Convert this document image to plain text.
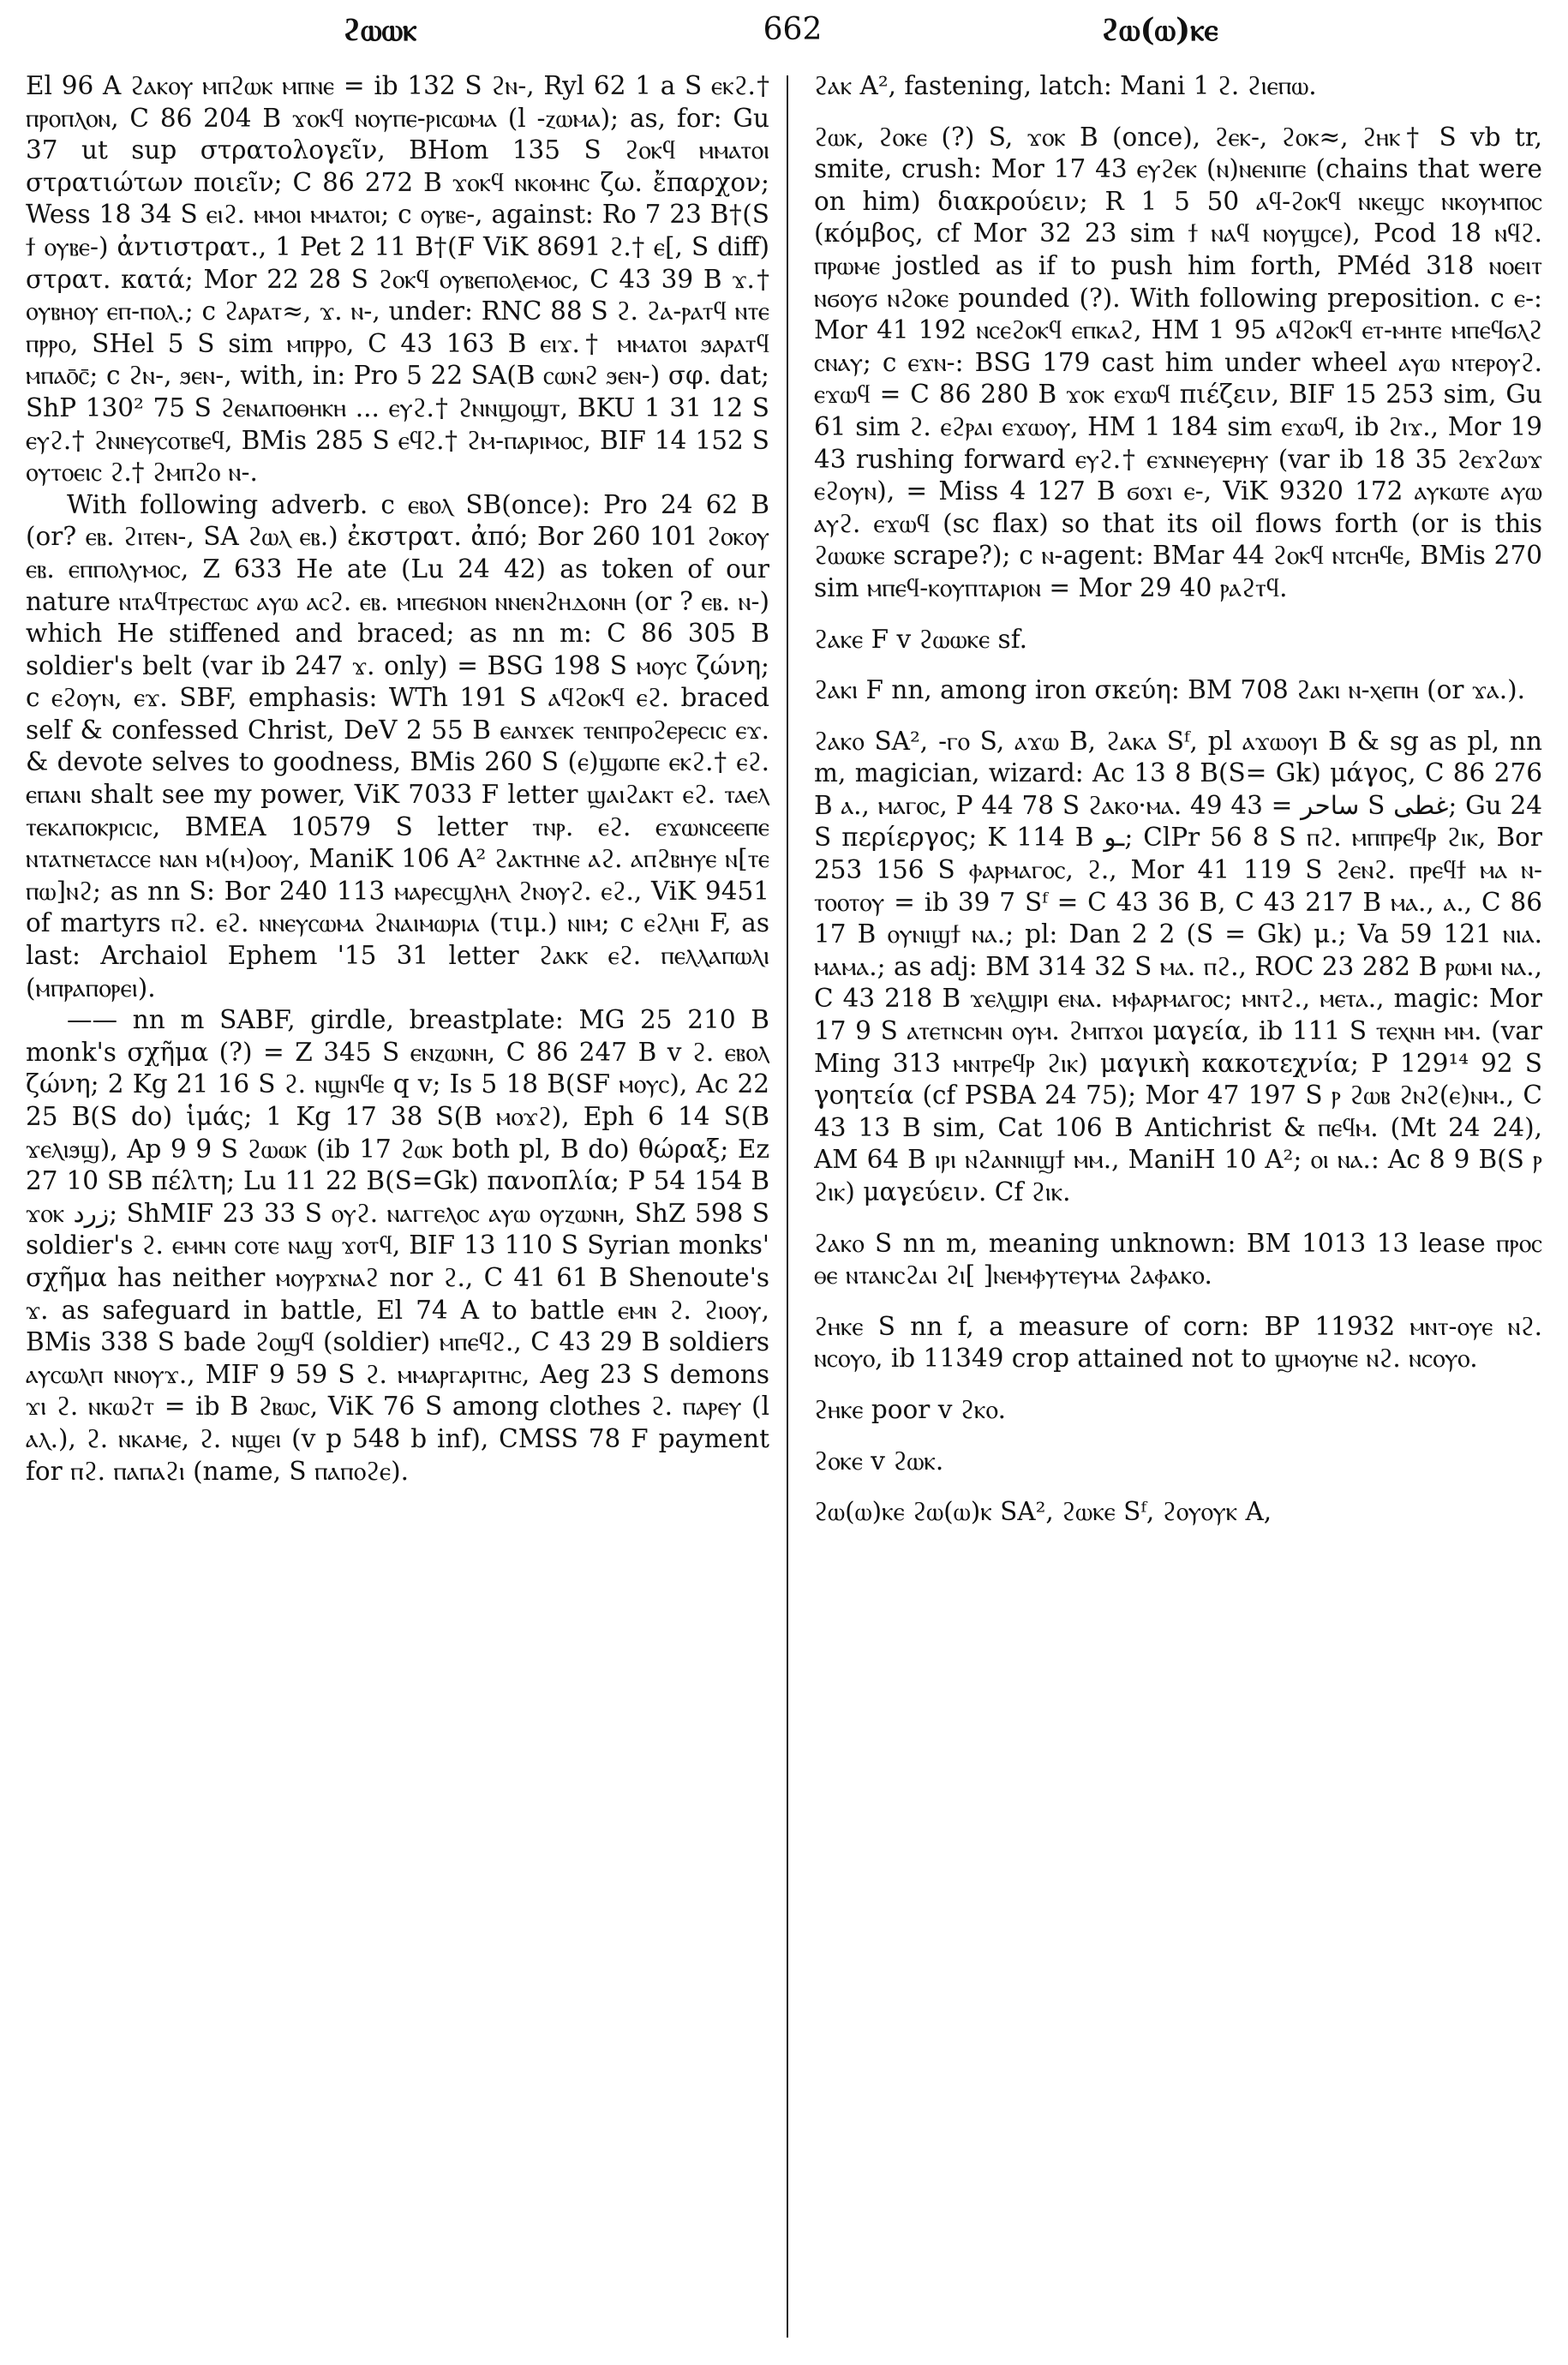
ϩⲱⲱⲕ	662	ϩⲱ(ⲱ)ⲕⲉ

El 96 A ϩⲁⲕⲟⲩ ⲙⲡϩⲱⲕ ⲙⲡⲛⲉ = ib 132 S ϩⲛ-, Ryl 62 1 a S ⲉⲕϩ.† ⲡⲣⲟⲡⲗⲟⲛ, C 86 204 B ϫⲟⲕϥ ⲛⲟⲩⲡⲉ-ⲣⲓⲥⲱⲙⲁ (l -ⲍⲱⲙⲁ); as, for: Gu 37 ut sup στρατολογεῖν, BHom 135 S ϩⲟⲕϥ ⲙⲙⲁⲧⲟⲓ στρατιώτων ποιεῖν; C 86 272 B ϫⲟⲕϥ ⲛⲕⲟⲙⲏⲥ ζω. ἔπαρχον; Wess 18 34 S ⲉⲓϩ. ⲙⲙⲟⲓ ⲙⲙⲁⲧⲟⲓ; c ⲟⲩⲃⲉ-, against: Ro 7 23 B†(S ϯ ⲟⲩⲃⲉ-) ἀντιστρατ., 1 Pet 2 11 B†(F ViK 8691 ϩ.† ⲉ[, S diff) στρατ. κατά; Mor 22 28 S ϩⲟⲕϥ ⲟⲩⲃⲉⲡⲟⲗⲉⲙⲟⲥ, C 43 39 B ϫ.† ⲟⲩⲃⲏⲟⲩ ⲉⲡ-ⲡⲟⲗ.; c ϩⲁⲣⲁⲧ≈, ϫ. ⲛ-, under: RNC 88 S ϩ. ϩⲁ-ⲣⲁⲧϥ ⲛⲧⲉ ⲡⲣⲣⲟ, SHel 5 S sim ⲙⲡⲣⲣⲟ, C 43 163 B ⲉⲓϫ.† ⲙⲙⲁⲧⲟⲓ ϧⲁⲣⲁⲧϥ ⲙⲡⲁⲟ̄ⲥ̄; c ϩⲛ-, ϧⲉⲛ-, with, in: Pro 5 22 SA(B ⲥⲱⲛϩ ϧⲉⲛ-) σφ. dat; ShP 130² 75 S ϩⲉⲛⲁⲡⲟⲑⲏⲕⲏ ... ⲉⲩϩ.† ϩⲛⲛϣⲟϣⲧ, BKU 1 31 12 S ⲉⲩϩ.† ϩⲛⲛⲉⲩⲥⲟⲧⲃⲉϥ, BMis 285 S ⲉϥϩ.† ϩⲙ-ⲡⲁⲣⲓⲙⲟⲥ, BIF 14 152 S ⲟⲩⲧⲟⲉⲓⲥ ϩ.† ϩⲙⲡϩⲟ ⲛ-.

With following adverb. c ⲉⲃⲟⲗ SB(once): Pro 24 62 B (or? ⲉⲃ. ϩⲓⲧⲉⲛ-, SA ϩⲱⲗ ⲉⲃ.) ἐκστρατ. ἀπό; Bor 260 101 ϩⲟⲕⲟⲩ ⲉⲃ. ⲉⲡⲡⲟⲗⲩⲙⲟⲥ, Z 633 He ate (Lu 24 42) as token of our nature ⲛⲧⲁϥⲧⲣⲉⲥⲧⲱⲥ ⲁⲩⲱ ⲁⲥϩ. ⲉⲃ. ⲙⲡⲉϭⲛⲟⲛ ⲛⲛⲉⲛϩⲏⲇⲟⲛⲏ (or ? ⲉⲃ. ⲛ-) which He stiffened and braced; as nn m: C 86 305 B soldier's belt (var ib 247 ϫ. only) = BSG 198 S ⲙⲟⲩⲥ ζώνη; c ⲉϩⲟⲩⲛ, ⲉϫ. SBF, emphasis: WTh 191 S ⲁϥϩⲟⲕϥ ⲉϩ. braced self & confessed Christ, DeV 2 55 B ⲉⲁⲛϫⲉⲕ ⲧⲉⲛⲡⲣⲟϩⲉⲣⲉⲥⲓⲥ ⲉϫ. & devote selves to goodness, BMis 260 S (ⲉ)ϣⲱⲡⲉ ⲉⲕϩ.† ⲉϩ. ⲉⲡⲁⲛⲓ shalt see my power, ViK 7033 F letter ϣⲁⲓϩⲁⲕⲧ ⲉϩ. ⲧⲁⲉⲗ ⲧⲉⲕⲁⲡⲟⲕⲣⲓⲥⲓⲥ, BMEA 10579 S letter ⲧⲛⲣ. ⲉϩ. ⲉϫⲱⲛⲥⲉⲉⲡⲉ ⲛⲧⲁⲧⲛⲉⲧⲁⲥⲥⲉ ⲛⲁⲛ ⲙ(ⲙ)ⲟⲟⲩ, ManiK 106 A² ϩⲁⲕⲧⲏⲛⲉ ⲁϩ. ⲁⲡϩⲃⲏⲩⲉ ⲛ[ⲧⲉ ⲡⲱ]ⲛϩ; as nn S: Bor 240 113 ⲙⲁⲣⲉⲥϣⲗⲏⲗ ϩⲛⲟⲩϩ. ⲉϩ., ViK 9451 of martyrs ⲡϩ. ⲉϩ. ⲛⲛⲉⲩⲥⲱⲙⲁ ϩⲛⲁⲓⲙⲱⲣⲓⲁ (τιμ.) ⲛⲓⲙ; c ⲉϩⲗⲏⲓ F, as last: Archaiol Ephem '15 31 letter ϩⲁⲕⲕ ⲉϩ. ⲡⲉⲗⲗⲁⲡⲱⲗⲓ (ⲙⲡⲣⲁⲡⲟⲣⲉⲓ).

—— nn m SABF, girdle, breastplate: MG 25 210 B monk's σχῆμα (?) = Z 345 S ⲉⲛⲍⲱⲛⲏ, C 86 247 B v ϩ. ⲉⲃⲟⲗ ζώνη; 2 Kg 21 16 S ϩ. ⲛϣⲛϥⲉ q v; Is 5 18 B(SF ⲙⲟⲩⲥ), Ac 22 25 B(S do) ἱμάς; 1 Kg 17 38 S(B ⲙⲟϫϩ), Eph 6 14 S(B ϫⲉⲗⲓϧϣ), Ap 9 9 S ϩⲱⲱⲕ (ib 17 ϩⲱⲕ both pl, B do) θώραξ; Ez 27 10 SB πέλτη; Lu 11 22 B(S=Gk) πανοπλία; P 54 154 B ϫⲟⲕ زرد; ShMIF 23 33 S ⲟⲩϩ. ⲛⲁⲅⲅⲉⲗⲟⲥ ⲁⲩⲱ ⲟⲩⲍⲱⲛⲏ, ShZ 598 S soldier's ϩ. ⲉⲙⲙⲛ ⲥⲟⲧⲉ ⲛⲁϣ ϫⲟⲧϥ, BIF 13 110 S Syrian monks' σχῆμα has neither ⲙⲟⲩⲣϫⲛⲁϩ nor ϩ., C 41 61 B Shenoute's ϫ. as safeguard in battle, El 74 A to battle ⲉⲙⲛ ϩ. ϩⲓⲟⲟⲩ, BMis 338 S bade ϩⲟϣϥ (soldier) ⲙⲡⲉϥϩ., C 43 29 B soldiers ⲁⲩⲥⲱⲗⲡ ⲛⲛⲟⲩϫ., MIF 9 59 S ϩ. ⲙⲙⲁⲣⲅⲁⲣⲓⲧⲏⲥ, Aeg 23 S demons ϫⲓ ϩ. ⲛⲕⲱϩⲧ = ib B ϩⲃⲱⲥ, ViK 76 S among clothes ϩ. ⲡⲁⲣⲉⲩ (l ⲁⲗ.), ϩ. ⲛⲕⲁⲙⲉ, ϩ. ⲛϣⲉⲓ (v p 548 b inf), CMSS 78 F payment for ⲡϩ. ⲡⲁⲡⲁϩⲓ (name, S ⲡⲁⲡⲟϩⲉ).

ϩⲁⲕ A², fastening, latch: Mani 1 ϩ. ϩⲓⲉⲡⲱ.

ϩⲱⲕ, ϩⲟⲕⲉ (?) S, ϫⲟⲕ B (once), ϩⲉⲕ-, ϩⲟⲕ≈, ϩⲏⲕ† S vb tr, smite, crush: Mor 17 43 ⲉⲩϩⲉⲕ (ⲛ)ⲛⲉⲛⲓⲡⲉ (chains that were on him) διακρούειν; R 1 5 50 ⲁϥ-ϩⲟⲕϥ ⲛⲕⲉϣⲥ ⲛⲕⲟⲩⲙⲡⲟⲥ (κόμβος, cf Mor 32 23 sim ϯ ⲛⲁϥ ⲛⲟⲩϣⲥⲉ), Pcod 18 ⲛϥϩ. ⲡⲣⲱⲙⲉ jostled as if to push him forth, PMéd 318 ⲛⲟⲉⲓⲧ ⲛϭⲟⲩϭ ⲛϩⲟⲕⲉ pounded (?). With following preposition. c ⲉ-: Mor 41 192 ⲛⲥⲉϩⲟⲕϥ ⲉⲡⲕⲁϩ, HM 1 95 ⲁϥϩⲟⲕϥ ⲉⲧ-ⲙⲏⲧⲉ ⲙⲡⲉϥϭⲗϩ ⲥⲛⲁⲩ; c ⲉϫⲛ-: BSG 179 cast him under wheel ⲁⲩⲱ ⲛⲧⲉⲣⲟⲩϩ. ⲉϫⲱϥ = C 86 280 B ϫⲟⲕ ⲉϫⲱϥ πιέζειν, BIF 15 253 sim, Gu 61 sim ϩ. ⲉϩⲣⲁⲓ ⲉϫⲱⲟⲩ, HM 1 184 sim ⲉϫⲱϥ, ib ϩⲓϫ., Mor 19 43 rushing forward ⲉⲩϩ.† ⲉϫⲛⲛⲉⲩⲉⲣⲏⲩ (var ib 18 35 ϩⲉϫϩⲱϫ ⲉϩⲟⲩⲛ), = Miss 4 127 B ϭⲟϫⲓ ⲉ-, ViK 9320 172 ⲁⲩⲕⲱⲧⲉ ⲁⲩⲱ ⲁⲩϩ. ⲉϫⲱϥ (sc flax) so that its oil flows forth (or is this ϩⲱⲱⲕⲉ scrape?); c ⲛ-agent: BMar 44 ϩⲟⲕϥ ⲛⲧⲥⲏϥⲉ, BMis 270 sim ⲙⲡⲉϥ-ⲕⲟⲩⲡⲧⲁⲣⲓⲟⲛ = Mor 29 40 ⲣⲁϩⲧϥ.

ϩⲁⲕⲉ F v ϩⲱⲱⲕⲉ sf.

ϩⲁⲕⲓ F nn, among iron σκεύη: BM 708 ϩⲁⲕⲓ ⲛ-ⲭⲉⲡⲏ (or ϫⲁ.).

ϩⲁⲕⲟ SA², -ⲅⲟ S, ⲁϫⲱ B, ϩⲁⲕⲁ Sᶠ, pl ⲁϫⲱⲟⲩⲓ B & sg as pl, nn m, magician, wizard: Ac 13 8 B(S= Gk) μάγος, C 86 276 B ⲁ., ⲙⲁⲅⲟⲥ, P 44 78 S ϩⲁⲕⲟ·ⲙⲁ. ساحر = 43 49 S غطى; Gu 24 S περίεργος; K 114 B ـو; ClPr 56 8 S ⲡϩ. ⲙⲡⲡⲣⲉϥⲣ ϩⲓⲕ, Bor 253 156 S ⲫⲁⲣⲙⲁⲅⲟⲥ, ϩ., Mor 41 119 S ϩⲉⲛϩ. ⲡⲣⲉϥϯ ⲙⲁ ⲛ-ⲧⲟⲟⲧⲟⲩ = ib 39 7 Sᶠ = C 43 36 B, C 43 217 B ⲙⲁ., ⲁ., C 86 17 B ⲟⲩⲛⲓϣϯ ⲛⲁ.; pl: Dan 2 2 (S = Gk) μ.; Va 59 121 ⲛⲓⲁ. ⲙⲁⲙⲁ.; as adj: BM 314 32 S ⲙⲁ. ⲡϩ., ROC 23 282 B ⲣⲱⲙⲓ ⲛⲁ., C 43 218 B ϫⲉⲗϣⲓⲣⲓ ⲉⲛⲁ. ⲙⲫⲁⲣⲙⲁⲅⲟⲥ; ⲙⲛⲧϩ., ⲙⲉⲧⲁ., magic: Mor 17 9 S ⲁⲧⲉⲧⲛⲥⲙⲛ ⲟⲩⲙ. ϩⲙⲡϫⲟⲓ μαγεία, ib 111 S ⲧⲉⲭⲛⲏ ⲙⲙ. (var Ming 313 ⲙⲛⲧⲣⲉϥⲣ ϩⲓⲕ) μαγικὴ κακοτεχνία; P 129¹⁴ 92 S γοητεία (cf PSBA 24 75); Mor 47 197 S ⲣ ϩⲱⲃ ϩⲛϩ(ⲉ)ⲛⲙ., C 43 13 B sim, Cat 106 B Antichrist & ⲡⲉϥⲙ. (Mt 24 24), AM 64 B ⲓⲣⲓ ⲛϩⲁⲛⲛⲓϣϯ ⲙⲙ., ManiH 10 A²; ⲟⲓ ⲛⲁ.: Ac 8 9 B(S ⲣ ϩⲓⲕ) μαγεύειν. Cf ϩⲓⲕ.

ϩⲁⲕⲟ S nn m, meaning unknown: BM 1013 13 lease ⲡⲣⲟⲥ ⲑⲉ ⲛⲧⲁⲛⲥϩⲁⲓ ϩⲓ[ ]ⲛⲉⲙⲫⲩⲧⲉⲩⲙⲁ ϩⲁⲫⲁⲕⲟ.

ϩⲏⲕⲉ S nn f, a measure of corn: BP 11932 ⲙⲛⲧ-ⲟⲩⲉ ⲛϩ. ⲛⲥⲟⲩⲟ, ib 11349 crop attained not to ϣⲙⲟⲩⲛⲉ ⲛϩ. ⲛⲥⲟⲩⲟ.

ϩⲏⲕⲉ poor v ϩⲕⲟ.

ϩⲟⲕⲉ v ϩⲱⲕ.

ϩⲱ(ⲱ)ⲕⲉ ϩⲱ(ⲱ)ⲕ SA², ϩⲱⲕⲉ Sᶠ, ϩⲟⲩⲟⲩⲕ A,
